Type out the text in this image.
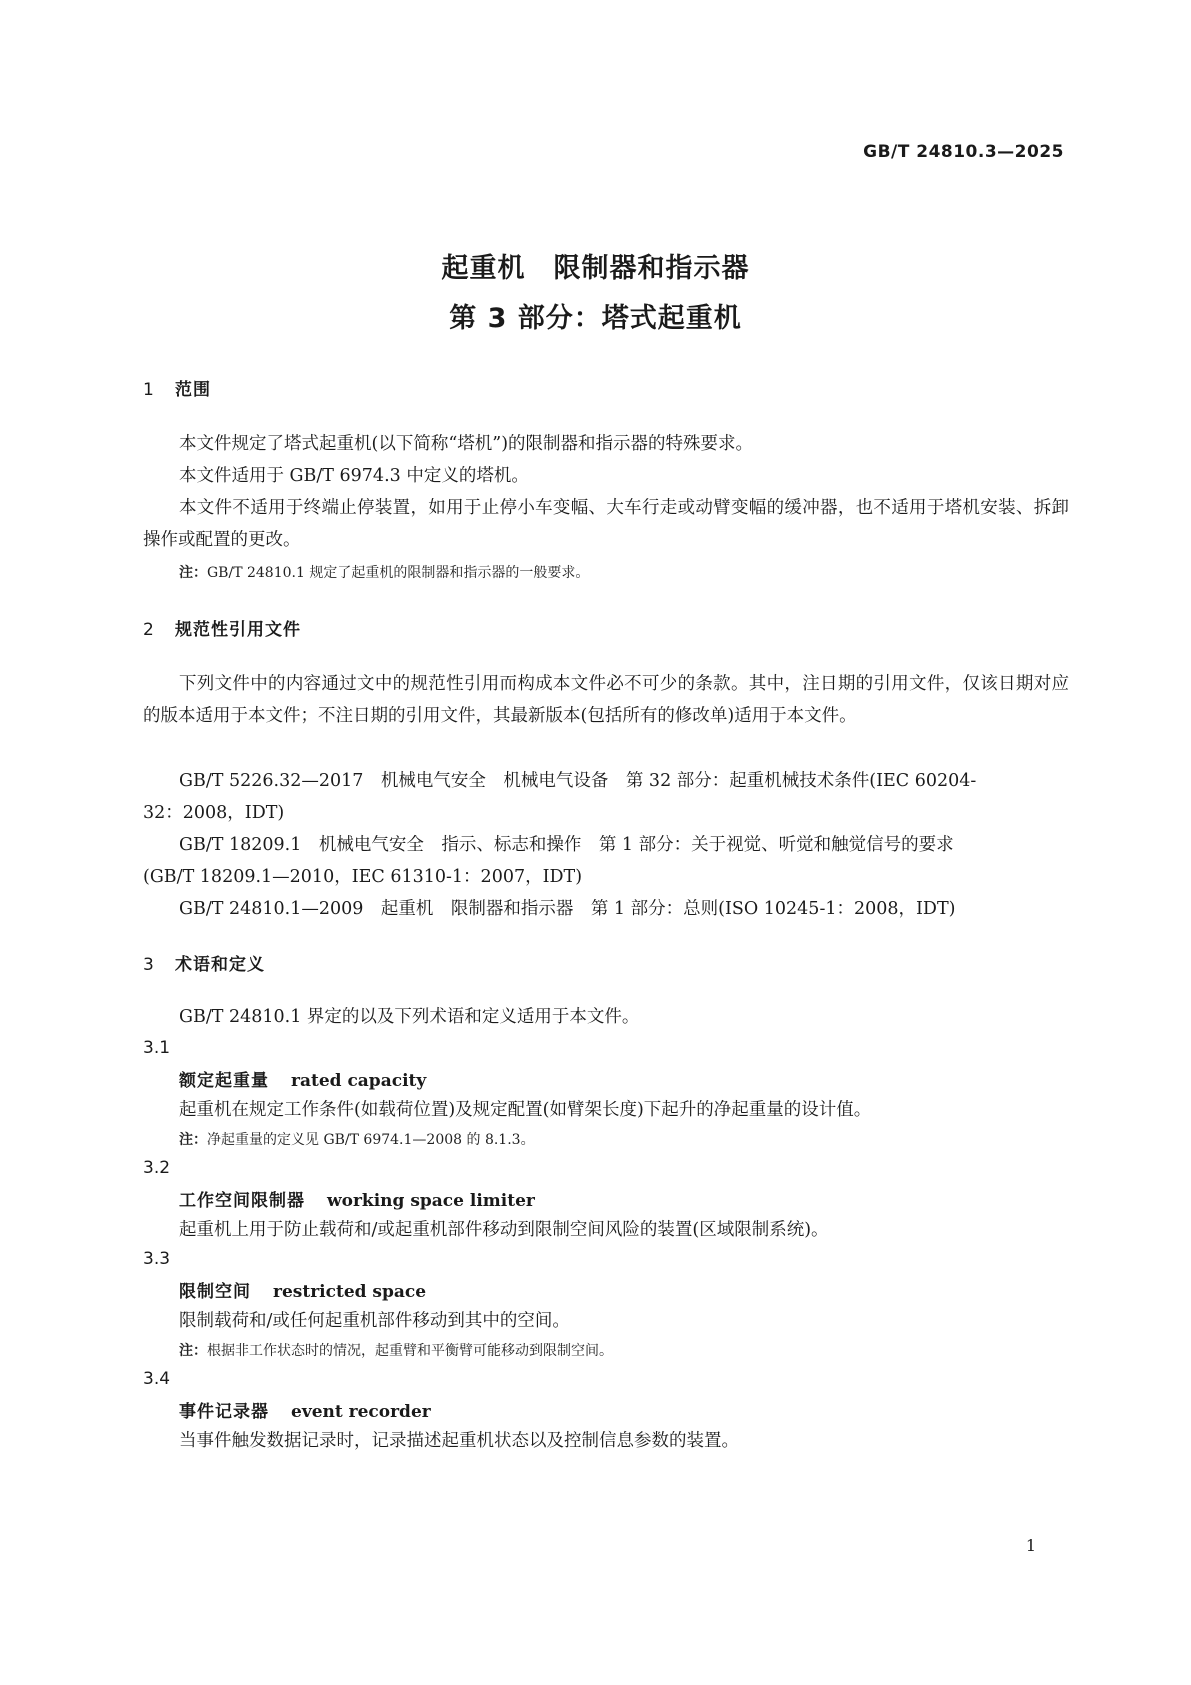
GB/T 24810.3—2025
起重机　限制器和指示器
第 3 部分：塔式起重机
1 范围
本文件规定了塔式起重机(以下简称“塔机”)的限制器和指示器的特殊要求。
本文件适用于 GB/T 6974.3 中定义的塔机。
本文件不适用于终端止停装置，如用于止停小车变幅、大车行走或动臂变幅的缓冲器，也不适用于塔机安装、拆卸操作或配置的更改。
注：GB/T 24810.1 规定了起重机的限制器和指示器的一般要求。
2 规范性引用文件
下列文件中的内容通过文中的规范性引用而构成本文件必不可少的条款。其中，注日期的引用文件，仅该日期对应的版本适用于本文件；不注日期的引用文件，其最新版本(包括所有的修改单)适用于本文件。
GB/T 5226.32—2017　机械电气安全　机械电气设备　第 32 部分：起重机械技术条件(IEC 60204-
32：2008，IDT)
GB/T 18209.1　机械电气安全　指示、标志和操作　第 1 部分：关于视觉、听觉和触觉信号的要求
(GB/T 18209.1—2010，IEC 61310-1：2007，IDT)
GB/T 24810.1—2009　起重机　限制器和指示器　第 1 部分：总则(ISO 10245-1：2008，IDT)
3 术语和定义
GB/T 24810.1 界定的以及下列术语和定义适用于本文件。
3.1
额定起重量 rated capacity
起重机在规定工作条件(如载荷位置)及规定配置(如臂架长度)下起升的净起重量的设计值。
注：净起重量的定义见 GB/T 6974.1—2008 的 8.1.3。
3.2
工作空间限制器 working space limiter
起重机上用于防止载荷和/或起重机部件移动到限制空间风险的装置(区域限制系统)。
3.3
限制空间 restricted space
限制载荷和/或任何起重机部件移动到其中的空间。
注：根据非工作状态时的情况，起重臂和平衡臂可能移动到限制空间。
3.4
事件记录器 event recorder
当事件触发数据记录时，记录描述起重机状态以及控制信息参数的装置。
1
